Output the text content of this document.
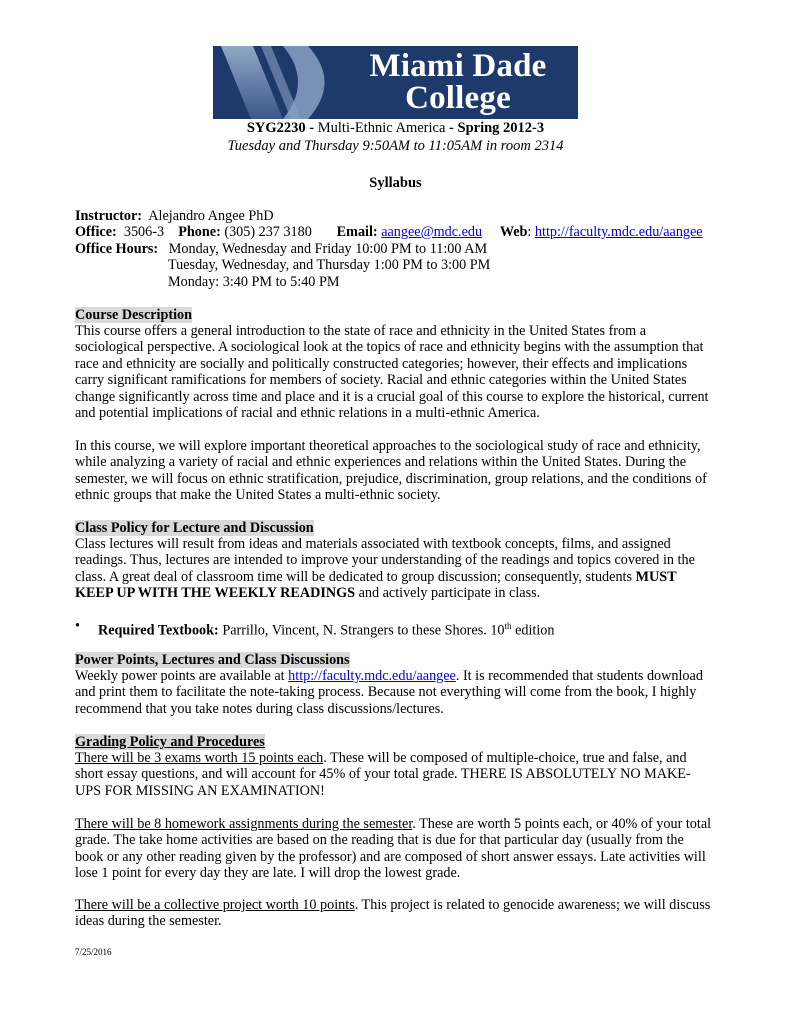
Miami Dade
College
SYG2230 - Multi-Ethnic America - Spring 2012-3
Tuesday and Thursday 9:50AM to 11:05AM in room 2314
Syllabus
Instructor: Alejandro Angee PhD
Office: 3506-3 Phone: (305) 237 3180 Email: aangee@mdc.edu Web: http://faculty.mdc.edu/aangee
Office Hours: Monday, Wednesday and Friday 10:00 PM to 11:00 AM
Tuesday, Wednesday, and Thursday 1:00 PM to 3:00 PM
Monday: 3:40 PM to 5:40 PM
Course Description
This course offers a general introduction to the state of race and ethnicity in the United States from a sociological perspective. A sociological look at the topics of race and ethnicity begins with the assumption that race and ethnicity are socially and politically constructed categories; however, their effects and implications carry significant ramifications for members of society. Racial and ethnic categories within the United States change significantly across time and place and it is a crucial goal of this course to explore the historical, current and potential implications of racial and ethnic relations in a multi-ethnic America.
In this course, we will explore important theoretical approaches to the sociological study of race and ethnicity, while analyzing a variety of racial and ethnic experiences and relations within the United States. During the semester, we will focus on ethnic stratification, prejudice, discrimination, group relations, and the conditions of ethnic groups that make the United States a multi-ethnic society.
Class Policy for Lecture and Discussion
Class lectures will result from ideas and materials associated with textbook concepts, films, and assigned readings. Thus, lectures are intended to improve your understanding of the readings and topics covered in the class. A great deal of classroom time will be dedicated to group discussion; consequently, students MUST KEEP UP WITH THE WEEKLY READINGS and actively participate in class.
• Required Textbook: Parrillo, Vincent, N. Strangers to these Shores. 10th edition
Power Points, Lectures and Class Discussions
Weekly power points are available at http://faculty.mdc.edu/aangee. It is recommended that students download and print them to facilitate the note-taking process. Because not everything will come from the book, I highly recommend that you take notes during class discussions/lectures.
Grading Policy and Procedures
There will be 3 exams worth 15 points each. These will be composed of multiple-choice, true and false, and short essay questions, and will account for 45% of your total grade. THERE IS ABSOLUTELY NO MAKE-UPS FOR MISSING AN EXAMINATION!
There will be 8 homework assignments during the semester. These are worth 5 points each, or 40% of your total grade. The take home activities are based on the reading that is due for that particular day (usually from the book or any other reading given by the professor) and are composed of short answer essays. Late activities will lose 1 point for every day they are late. I will drop the lowest grade.
There will be a collective project worth 10 points. This project is related to genocide awareness; we will discuss ideas during the semester.
7/25/2016
